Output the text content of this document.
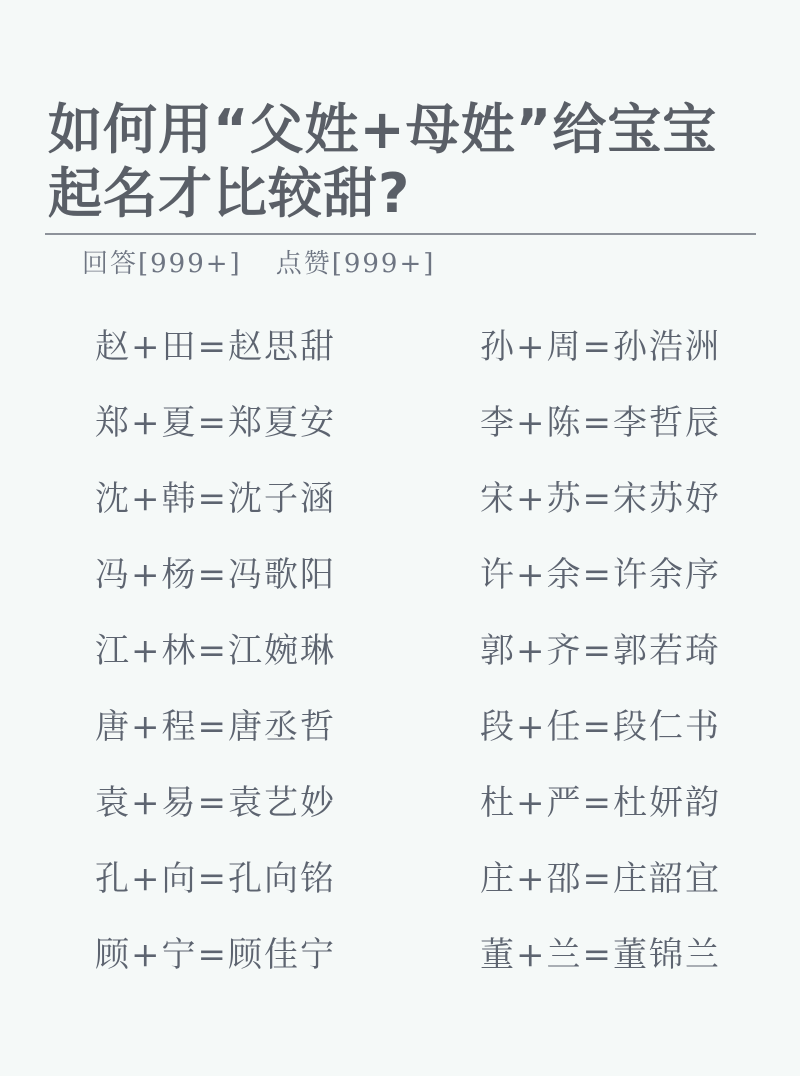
如何用“父姓+母姓”给宝宝
起名才比较甜?
回答[999+] 点赞[999+]
赵+田=赵思甜	孙+周=孙浩洲
郑+夏=郑夏安	李+陈=李哲辰
沈+韩=沈子涵	宋+苏=宋苏妤
冯+杨=冯歌阳	许+余=许余序
江+林=江婉琳	郭+齐=郭若琦
唐+程=唐丞哲	段+任=段仁书
袁+易=袁艺妙	杜+严=杜妍韵
孔+向=孔向铭	庄+邵=庄韶宜
顾+宁=顾佳宁	董+兰=董锦兰
